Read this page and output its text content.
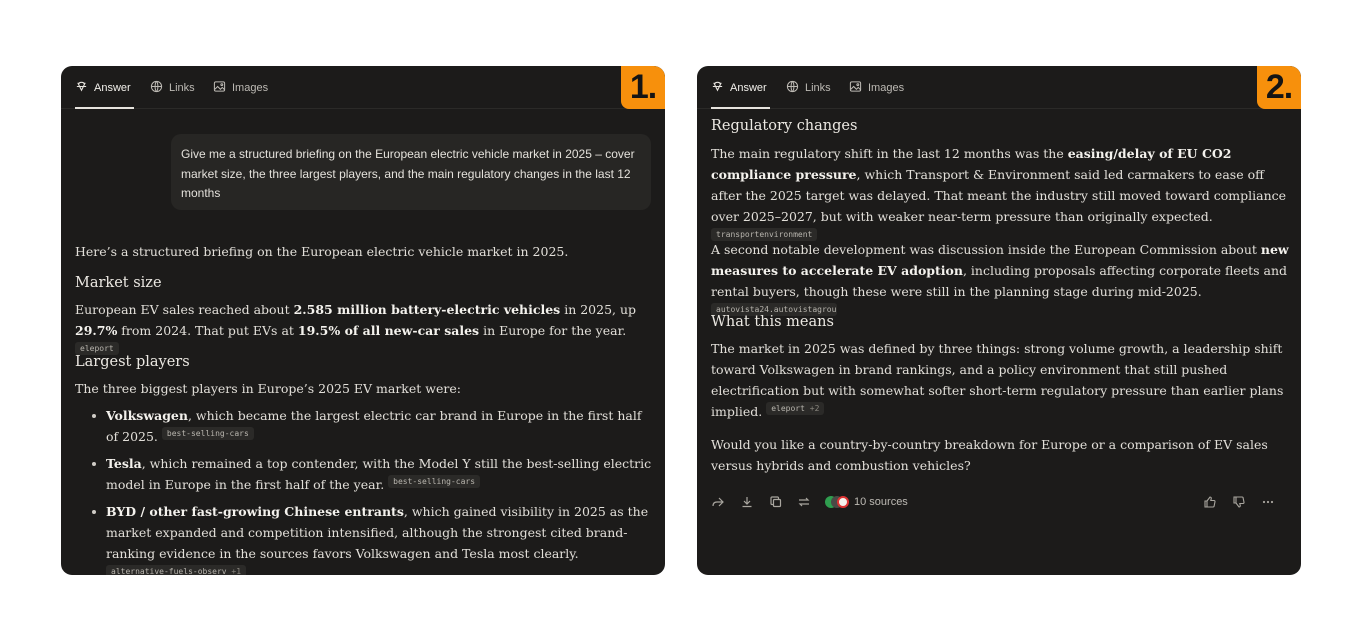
Answer	Links	Images	1.
Give me a structured briefing on the European electric vehicle market in 2025 – cover market size, the three largest players, and the main regulatory changes in the last 12 months
Here’s a structured briefing on the European electric vehicle market in 2025.
Market size
European EV sales reached about 2.585 million battery-electric vehicles in 2025, up 29.7% from 2024. That put EVs at 19.5% of all new-car sales in Europe for the year. eleport
Largest players
The three biggest players in Europe’s 2025 EV market were:
Volkswagen, which became the largest electric car brand in Europe in the first half of 2025. best-selling-cars
Tesla, which remained a top contender, with the Model Y still the best-selling electric model in Europe in the first half of the year. best-selling-cars
BYD / other fast-growing Chinese entrants, which gained visibility in 2025 as the market expanded and competition intensified, although the strongest cited brand-ranking evidence in the sources favors Volkswagen and Tesla most clearly. alternative-fuels-observ +1
Answer	Links	Images	2.
Regulatory changes
The main regulatory shift in the last 12 months was the easing/delay of EU CO2 compliance pressure, which Transport & Environment said led carmakers to ease off after the 2025 target was delayed. That meant the industry still moved toward compliance over 2025–2027, but with weaker near-term pressure than originally expected. transportenvironment
A second notable development was discussion inside the European Commission about new measures to accelerate EV adoption, including proposals affecting corporate fleets and rental buyers, though these were still in the planning stage during mid-2025. autovista24.autovistagrou
What this means
The market in 2025 was defined by three things: strong volume growth, a leadership shift toward Volkswagen in brand rankings, and a policy environment that still pushed electrification but with somewhat softer short-term regulatory pressure than earlier plans implied. eleport +2
Would you like a country-by-country breakdown for Europe or a comparison of EV sales versus hybrids and combustion vehicles?
10 sources
